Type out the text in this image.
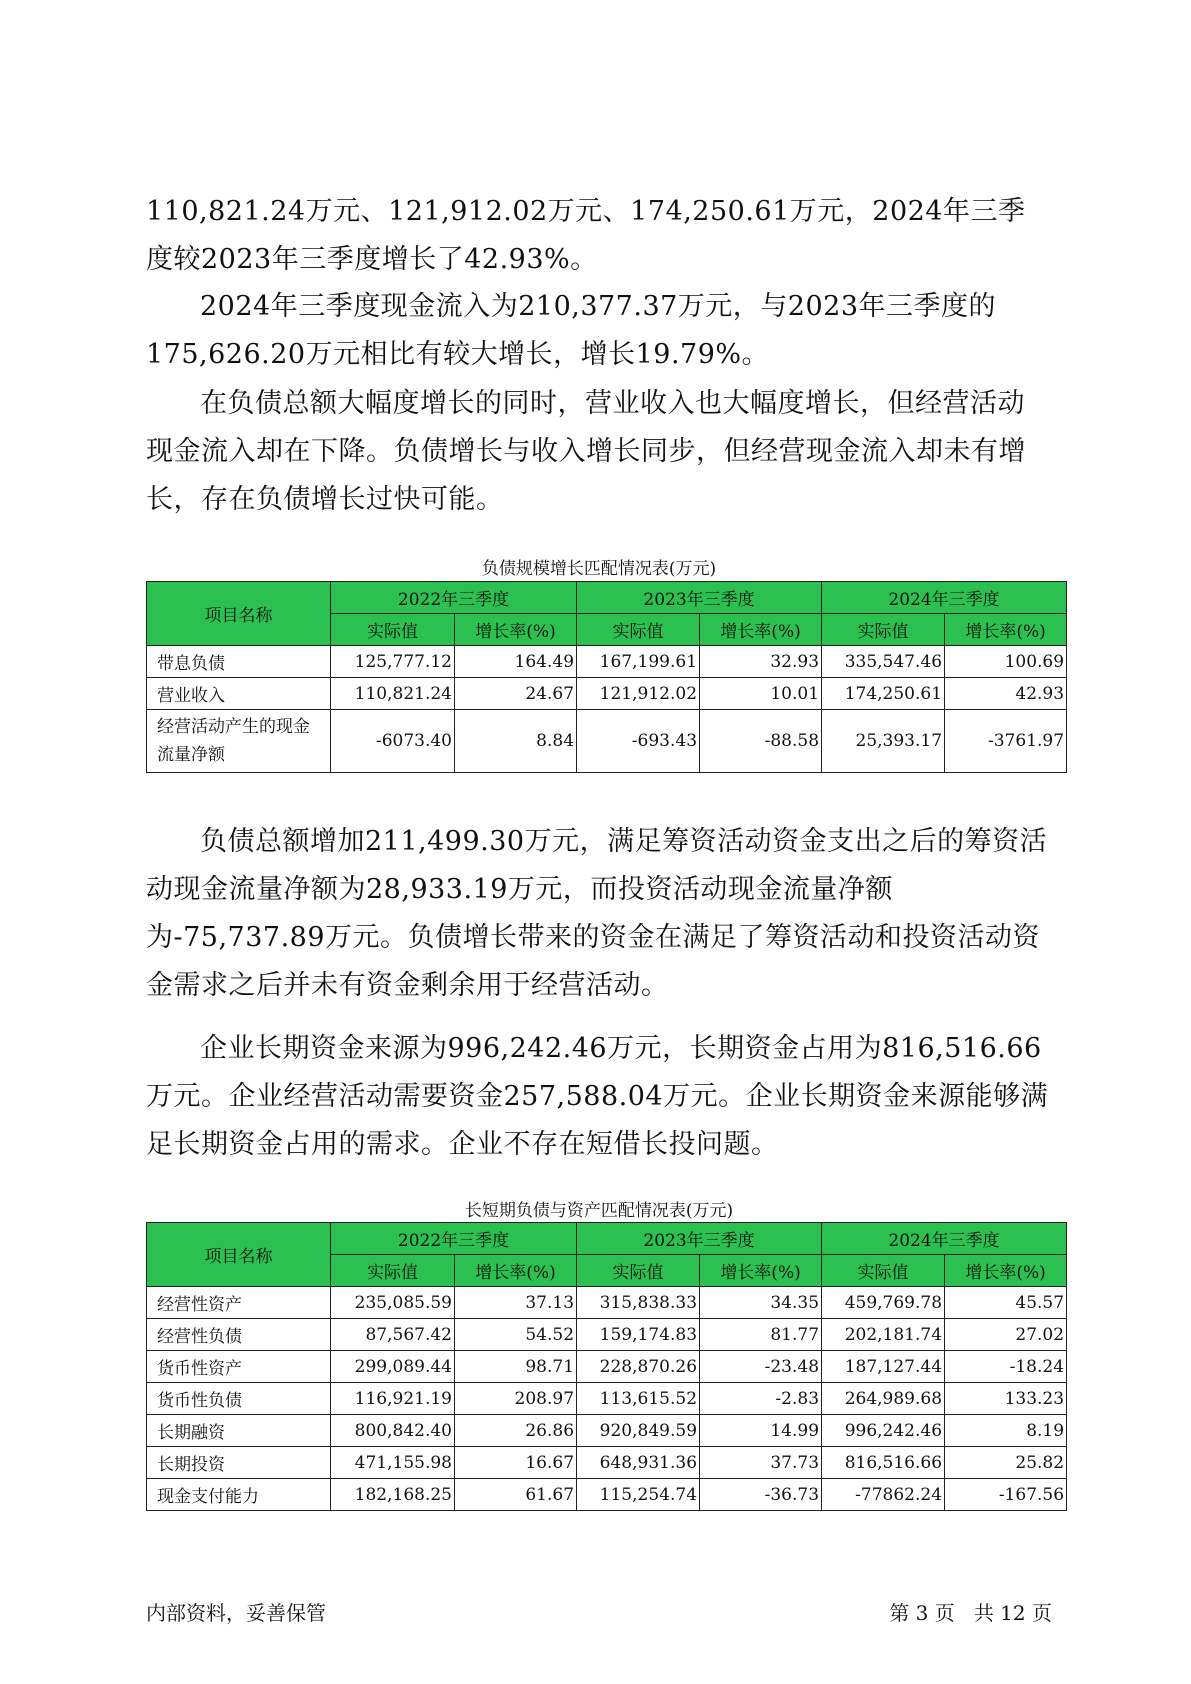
110,821.24万元、121,912.02万元、174,250.61万元，2024年三季度较2023年三季度增长了42.93%。

2024年三季度现金流入为210,377.37万元，与2023年三季度的175,626.20万元相比有较大增长，增长19.79%。

在负债总额大幅度增长的同时，营业收入也大幅度增长，但经营活动现金流入却在下降。负债增长与收入增长同步，但经营现金流入却未有增长，存在负债增长过快可能。

负债规模增长匹配情况表(万元)
项目名称	2022年三季度		2023年三季度		2024年三季度	
	实际值	增长率(%)	实际值	增长率(%)	实际值	增长率(%)
带息负债	125,777.12	164.49	167,199.61	32.93	335,547.46	100.69
营业收入	110,821.24	24.67	121,912.02	10.01	174,250.61	42.93
经营活动产生的现金流量净额	-6073.40	8.84	-693.43	-88.58	25,393.17	-3761.97

负债总额增加211,499.30万元，满足筹资活动资金支出之后的筹资活动现金流量净额为28,933.19万元，而投资活动现金流量净额为-75,737.89万元。负债增长带来的资金在满足了筹资活动和投资活动资金需求之后并未有资金剩余用于经营活动。

企业长期资金来源为996,242.46万元，长期资金占用为816,516.66万元。企业经营活动需要资金257,588.04万元。企业长期资金来源能够满足长期资金占用的需求。企业不存在短借长投问题。

长短期负债与资产匹配情况表(万元)
项目名称	2022年三季度		2023年三季度		2024年三季度	
	实际值	增长率(%)	实际值	增长率(%)	实际值	增长率(%)
经营性资产	235,085.59	37.13	315,838.33	34.35	459,769.78	45.57
经营性负债	87,567.42	54.52	159,174.83	81.77	202,181.74	27.02
货币性资产	299,089.44	98.71	228,870.26	-23.48	187,127.44	-18.24
货币性负债	116,921.19	208.97	113,615.52	-2.83	264,989.68	133.23
长期融资	800,842.40	26.86	920,849.59	14.99	996,242.46	8.19
长期投资	471,155.98	16.67	648,931.36	37.73	816,516.66	25.82
现金支付能力	182,168.25	61.67	115,254.74	-36.73	-77862.24	-167.56
内部资料，妥善保管	第 3 页   共 12 页
